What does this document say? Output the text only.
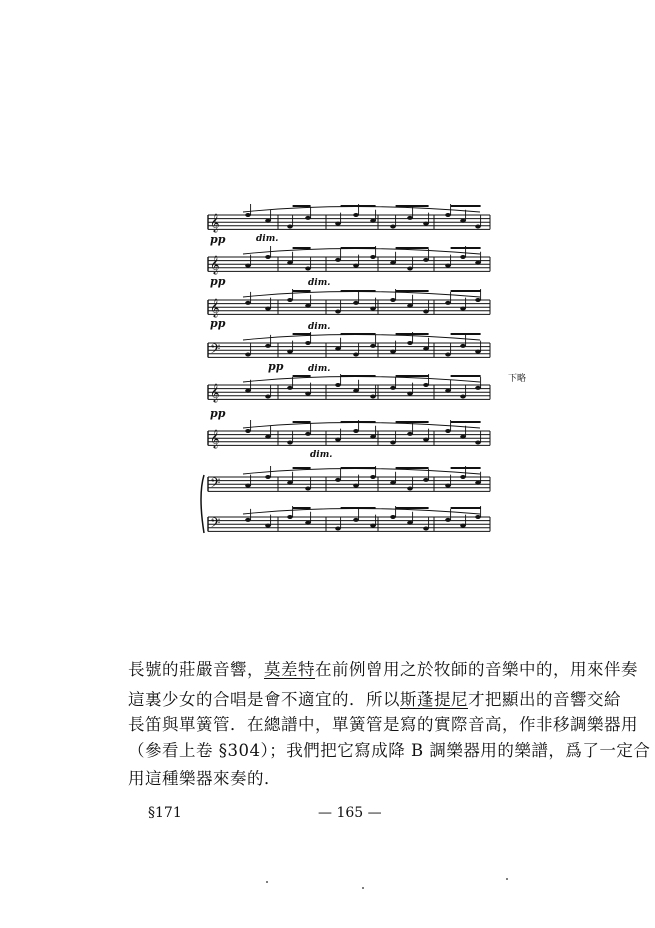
𝄞
𝄞
𝄞
𝄢
𝄞
𝄞
𝄢
𝄢
pp
pp
pp
pp
pp
dim.
dim.
dim.
dim.
dim.
下略
長號的莊嚴音響，莫差特在前例曾用之於牧師的音樂中的，用來伴奏
這裏少女的合唱是會不適宜的．所以斯蓬提尼才把顯出的音響交給
長笛與單簧管．在總譜中，單簧管是寫的實際音高，作非移調樂器用
（參看上卷 §304）；我們把它寫成降 B 調樂器用的樂譜，爲了一定合
用這種樂器來奏的．
§171	— 165 —
